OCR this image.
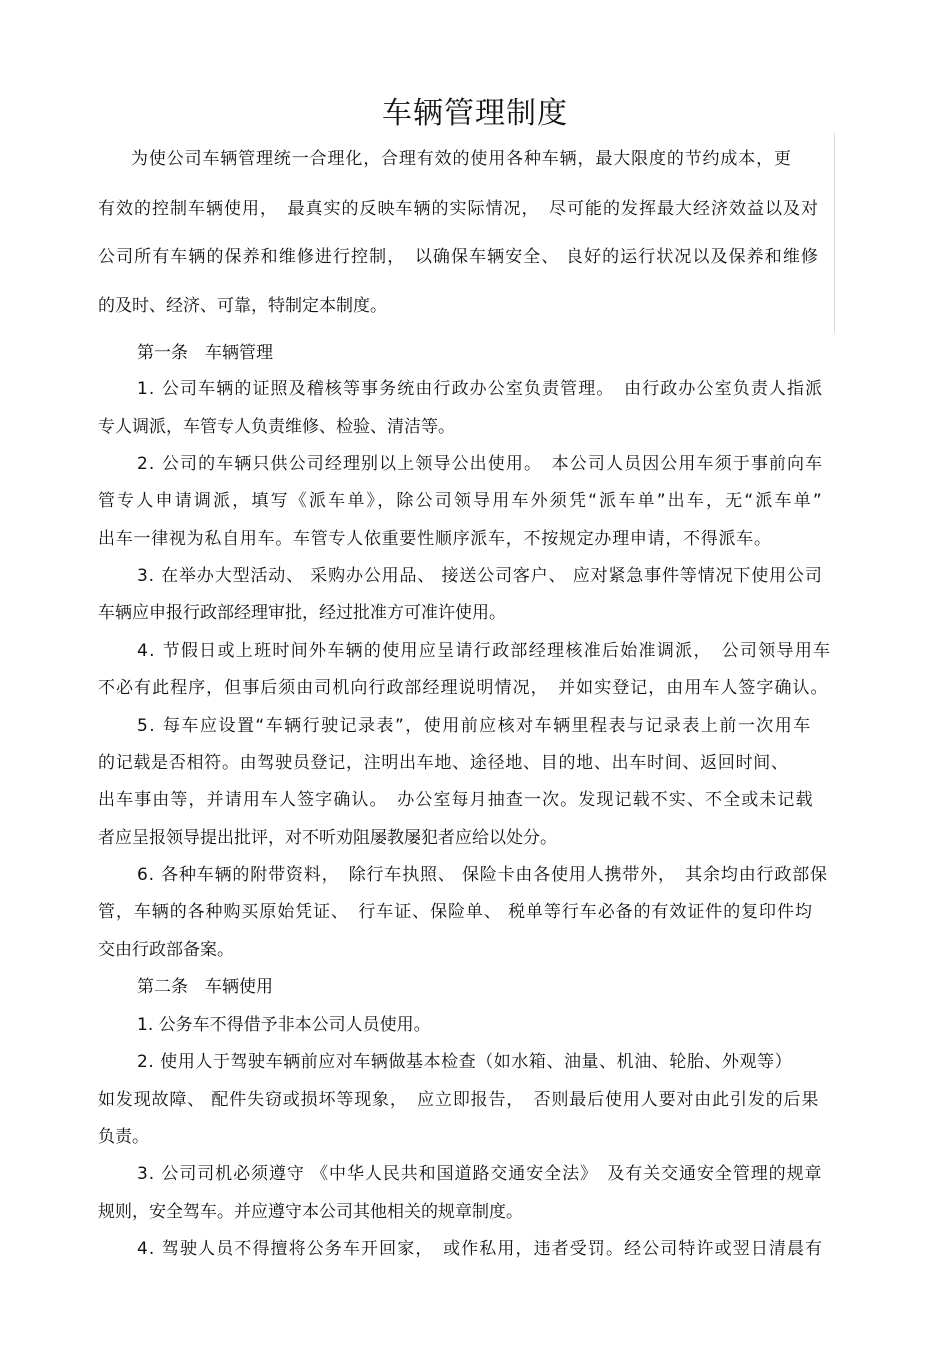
车辆管理制度
为使公司车辆管理统一合理化，合理有效的使用各种车辆，最大限度的节约成本，更
有效的控制车辆使用，　最真实的反映车辆的实际情况，　尽可能的发挥最大经济效益以及对
公司所有车辆的保养和维修进行控制，　以确保车辆安全、 良好的运行状况以及保养和维修
的及时、经济、可靠，特制定本制度。
第一条　车辆管理
1. 公司车辆的证照及稽核等事务统由行政办公室负责管理。　由行政办公室负责人指派
专人调派，车管专人负责维修、检验、清洁等。
2. 公司的车辆只供公司经理别以上领导公出使用。　本公司人员因公用车须于事前向车
管专人申请调派，填写《派车单》，除公司领导用车外须凭“派车单”出车，无“派车单”
出车一律视为私自用车。车管专人依重要性顺序派车，不按规定办理申请，不得派车。
3. 在举办大型活动、 采购办公用品、 接送公司客户、 应对紧急事件等情况下使用公司
车辆应申报行政部经理审批，经过批准方可准许使用。
4. 节假日或上班时间外车辆的使用应呈请行政部经理核准后始准调派，　公司领导用车
不必有此程序，但事后须由司机向行政部经理说明情况，　并如实登记，由用车人签字确认。
5. 每车应设置“车辆行驶记录表”，使用前应核对车辆里程表与记录表上前一次用车
的记载是否相符。由驾驶员登记，注明出车地、途径地、目的地、出车时间、返回时间、
出车事由等，并请用车人签字确认。　办公室每月抽查一次。发现记载不实、不全或未记载
者应呈报领导提出批评，对不听劝阻屡教屡犯者应给以处分。
6. 各种车辆的附带资料，　除行车执照、 保险卡由各使用人携带外，　其余均由行政部保
管，车辆的各种购买原始凭证、　行车证、保险单、 税单等行车必备的有效证件的复印件均
交由行政部备案。
第二条　车辆使用
1. 公务车不得借予非本公司人员使用。
2. 使用人于驾驶车辆前应对车辆做基本检查（如水箱、油量、机油、轮胎、外观等）
如发现故障、 配件失窃或损坏等现象，　应立即报告，　否则最后使用人要对由此引发的后果
负责。
3. 公司司机必须遵守 《中华人民共和国道路交通安全法》　及有关交通安全管理的规章
规则，安全驾车。并应遵守本公司其他相关的规章制度。
4. 驾驶人员不得擅将公务车开回家，　或作私用，违者受罚。经公司特许或翌日清晨有
